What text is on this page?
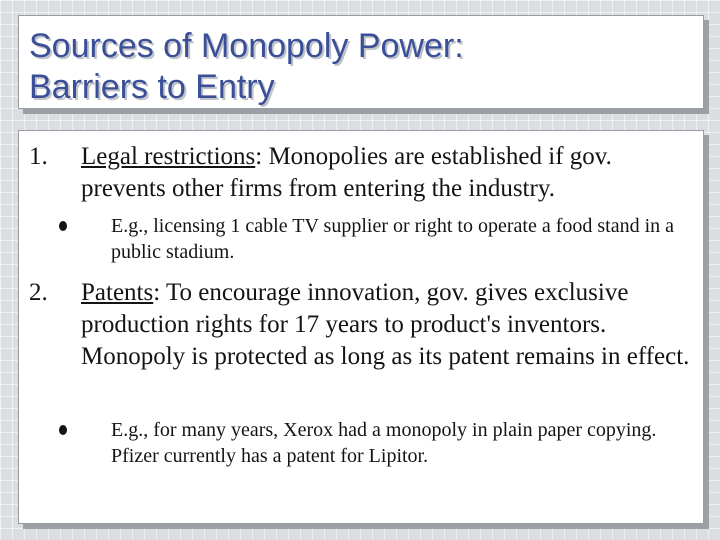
Sources of Monopoly Power:
Barriers to Entry
1. Legal restrictions: Monopolies are established if gov. prevents other firms from entering the industry.
E.g., licensing 1 cable TV supplier or right to operate a food stand in a public stadium.
2. Patents: To encourage innovation, gov. gives exclusive production rights for 17 years to product's inventors. Monopoly is protected as long as its patent remains in effect.
E.g., for many years, Xerox had a monopoly in plain paper copying. Pfizer currently has a patent for Lipitor.
